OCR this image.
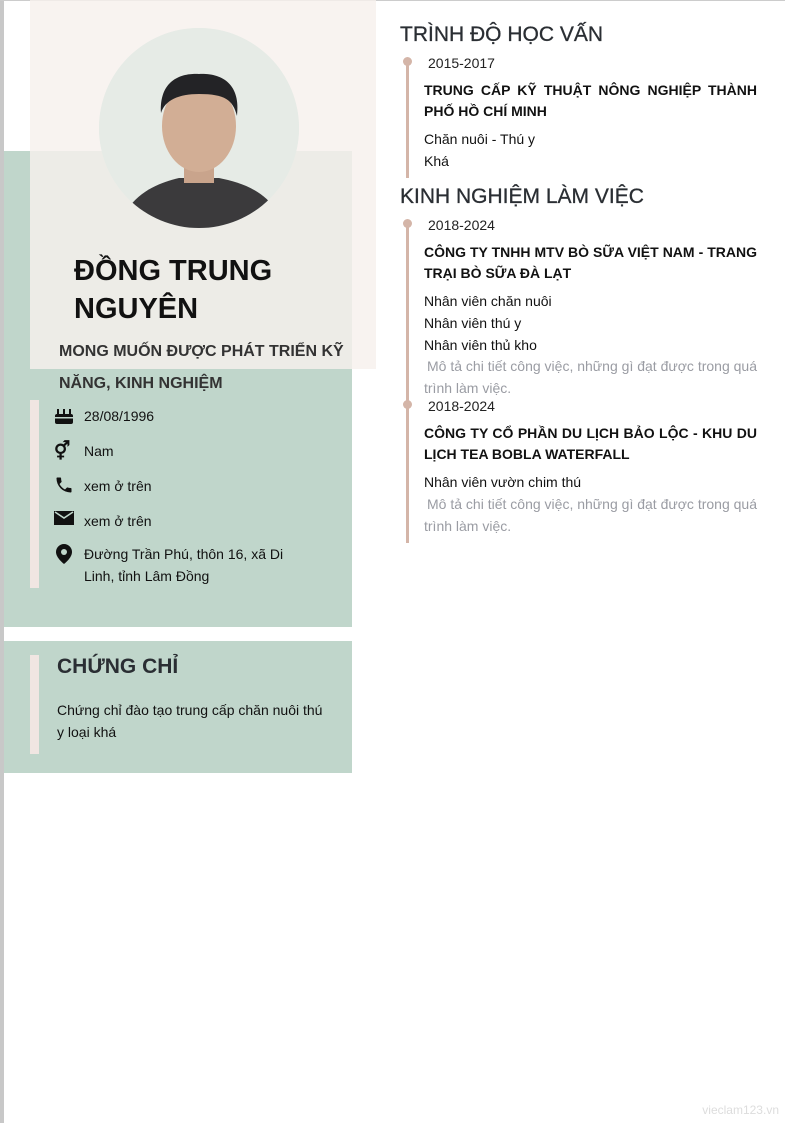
ĐỒNG TRUNG
NGUYÊN
MONG MUỐN ĐƯỢC PHÁT TRIỂN KỸ NĂNG, KINH NGHIỆM
28/08/1996
⚥ Nam
xem ở trên
xem ở trên
Đường Trần Phú, thôn 16, xã Di Linh, tỉnh Lâm Đồng
CHỨNG CHỈ

Chứng chỉ đào tạo trung cấp chăn nuôi thú y loại khá

TRÌNH ĐỘ HỌC VẤN
2015-2017
TRUNG CẤP KỸ THUẬT NÔNG NGHIỆP THÀNH PHỐ HỒ CHÍ MINH
Chăn nuôi - Thú y
Khá
KINH NGHIỆM LÀM VIỆC
2018-2024
CÔNG TY TNHH MTV BÒ SỮA VIỆT NAM - TRANG TRẠI BÒ SỮA ĐÀ LẠT
Nhân viên chăn nuôi
Nhân viên thú y
Nhân viên thủ kho
Mô tả chi tiết công việc, những gì đạt được trong quá trình làm việc.
2018-2024
CÔNG TY CỔ PHẦN DU LỊCH BẢO LỘC - KHU DU LỊCH TEA BOBLA WATERFALL
Nhân viên vườn chim thú
Mô tả chi tiết công việc, những gì đạt được trong quá trình làm việc.
vieclam123.vn
